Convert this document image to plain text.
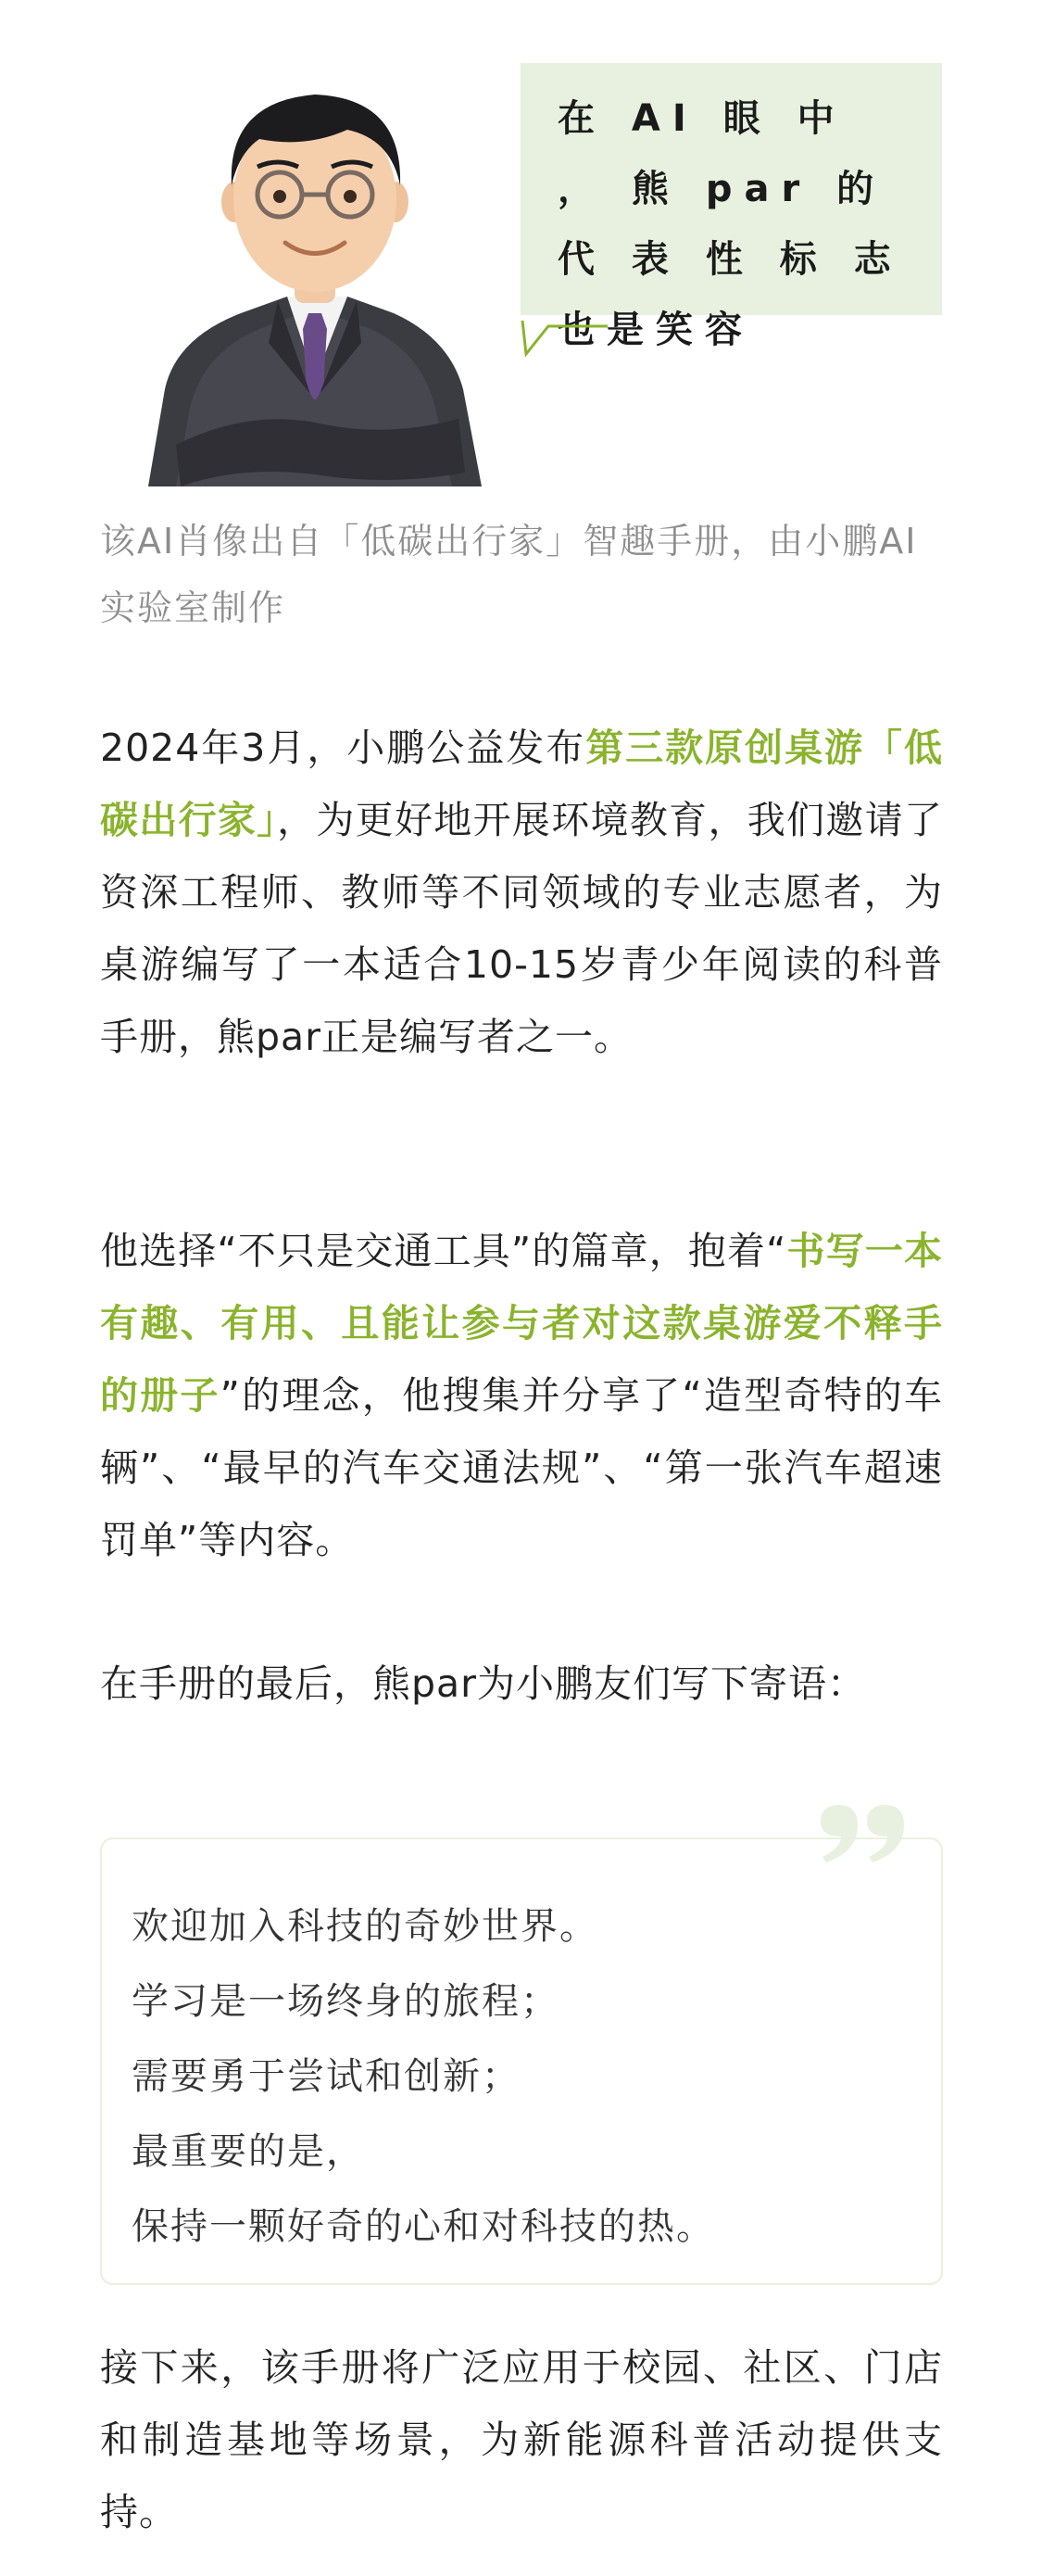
在 AI 眼 中 ， 熊 par 的 代 表 性 标 志也是笑容

该AI肖像出自「低碳出行家」智趣手册，由小鹏AI实验室制作

2024年3月，小鹏公益发布第三款原创桌游「低碳出行家」，为更好地开展环境教育，我们邀请了资深工程师、教师等不同领域的专业志愿者，为桌游编写了一本适合10-15岁青少年阅读的科普手册，熊par正是编写者之一。

他选择“不只是交通工具”的篇章，抱着“书写一本有趣、有用、且能让参与者对这款桌游爱不释手的册子”的理念，他搜集并分享了“造型奇特的车辆”、“最早的汽车交通法规”、“第一张汽车超速罚单”等内容。

在手册的最后，熊par为小鹏友们写下寄语：

欢迎加入科技的奇妙世界。
学习是一场终身的旅程；
需要勇于尝试和创新；
最重要的是，
保持一颗好奇的心和对科技的热。

接下来，该手册将广泛应用于校园、社区、门店和制造基地等场景，为新能源科普活动提供支持。
